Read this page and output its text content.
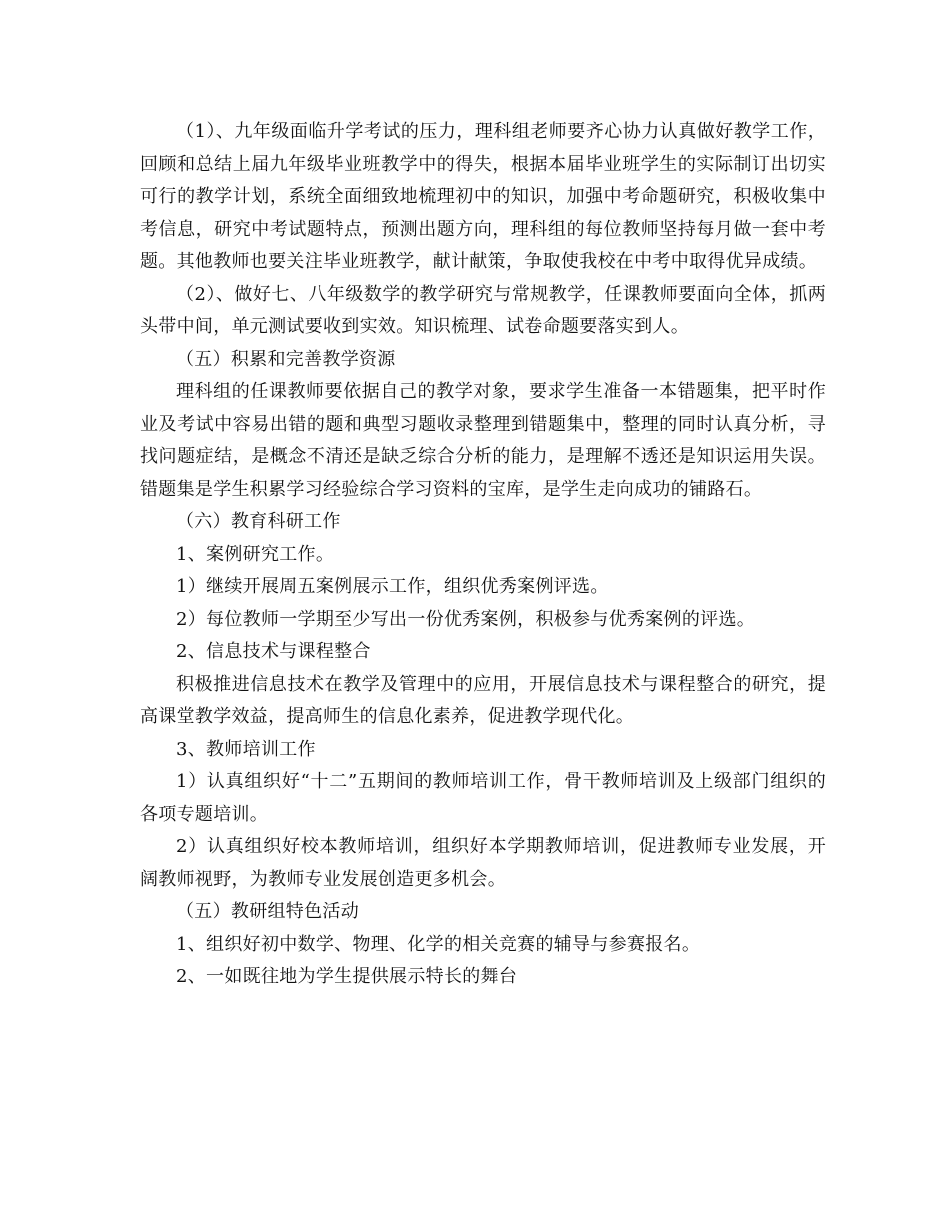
（1）、九年级面临升学考试的压力，理科组老师要齐心协力认真做好教学工作，回顾和总结上届九年级毕业班教学中的得失，根据本届毕业班学生的实际制订出切实可行的教学计划，系统全面细致地梳理初中的知识，加强中考命题研究，积极收集中考信息，研究中考试题特点，预测出题方向，理科组的每位教师坚持每月做一套中考题。其他教师也要关注毕业班教学，献计献策，争取使我校在中考中取得优异成绩。

（2）、做好七、八年级数学的教学研究与常规教学，任课教师要面向全体，抓两头带中间，单元测试要收到实效。知识梳理、试卷命题要落实到人。

（五）积累和完善教学资源

理科组的任课教师要依据自己的教学对象，要求学生准备一本错题集，把平时作业及考试中容易出错的题和典型习题收录整理到错题集中，整理的同时认真分析，寻找问题症结，是概念不清还是缺乏综合分析的能力，是理解不透还是知识运用失误。错题集是学生积累学习经验综合学习资料的宝库，是学生走向成功的铺路石。

（六）教育科研工作

1、案例研究工作。

1）继续开展周五案例展示工作，组织优秀案例评选。

2）每位教师一学期至少写出一份优秀案例，积极参与优秀案例的评选。

2、信息技术与课程整合

积极推进信息技术在教学及管理中的应用，开展信息技术与课程整合的研究，提高课堂教学效益，提高师生的信息化素养，促进教学现代化。

3、教师培训工作

1）认真组织好“十二”五期间的教师培训工作，骨干教师培训及上级部门组织的各项专题培训。

2）认真组织好校本教师培训，组织好本学期教师培训，促进教师专业发展，开阔教师视野，为教师专业发展创造更多机会。

（五）教研组特色活动

1、组织好初中数学、物理、化学的相关竞赛的辅导与参赛报名。

2、一如既往地为学生提供展示特长的舞台
